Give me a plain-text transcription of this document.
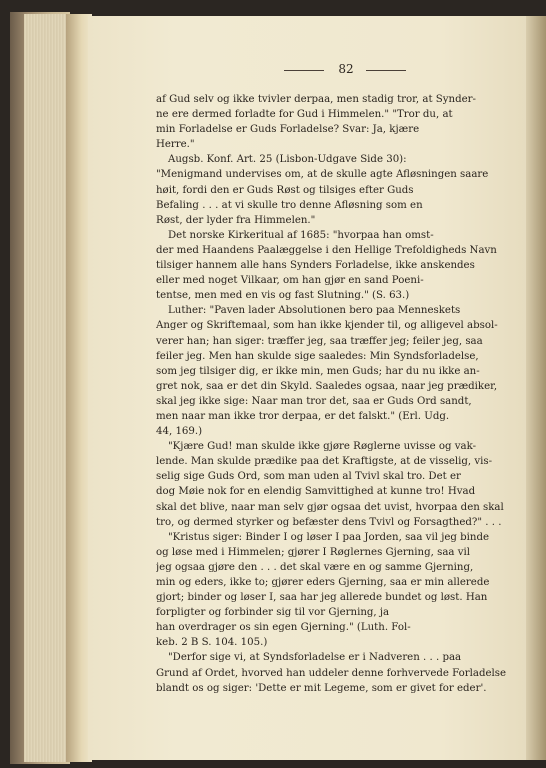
82
af Gud selv og ikke tvivler derpaa, men stadig tror, at Synder-
ne ere dermed forladte for Gud i Himmelen." "Tror du, at
min Forladelse er Guds Forladelse? Svar: Ja, kjære
Herre."
Augsb. Konf. Art. 25 (Lisbon-Udgave Side 30):
"Menigmand undervises om, at de skulle agte Afløsningen saare
høit, fordi den er Guds Røst og tilsiges efter Guds
Befaling . . . at vi skulle tro denne Afløsning som en
Røst, der lyder fra Himmelen."
Det norske Kirkeritual af 1685: "hvorpaa han omst-
der med Haandens Paalæggelse i den Hellige Trefoldigheds Navn
tilsiger hannem alle hans Synders Forladelse, ikke anskendes
eller med noget Vilkaar, om han gjør en sand Poeni-
tentse, men med en vis og fast Slutning." (S. 63.)
Luther: "Paven lader Absolutionen bero paa Menneskets
Anger og Skriftemaal, som han ikke kjender til, og alligevel absol-
verer han; han siger: træffer jeg, saa træffer jeg; feiler jeg, saa
feiler jeg. Men han skulde sige saaledes: Min Syndsforladelse,
som jeg tilsiger dig, er ikke min, men Guds; har du nu ikke an-
gret nok, saa er det din Skyld. Saaledes ogsaa, naar jeg prædiker,
skal jeg ikke sige: Naar man tror det, saa er Guds Ord sandt,
men naar man ikke tror derpaa, er det falskt." (Erl. Udg.
44, 169.)
"Kjære Gud! man skulde ikke gjøre Røglerne uvisse og vak-
lende. Man skulde prædike paa det Kraftigste, at de visselig, vis-
selig sige Guds Ord, som man uden al Tvivl skal tro. Det er
dog Møie nok for en elendig Samvittighed at kunne tro! Hvad
skal det blive, naar man selv gjør ogsaa det uvist, hvorpaa den skal
tro, og dermed styrker og befæster dens Tvivl og Forsagthed?" . . .
"Kristus siger: Binder I og løser I paa Jorden, saa vil jeg binde
og løse med i Himmelen; gjører I Røglernes Gjerning, saa vil
jeg ogsaa gjøre den . . . det skal være en og samme Gjerning,
min og eders, ikke to; gjører eders Gjerning, saa er min allerede
gjort; binder og løser I, saa har jeg allerede bundet og løst. Han
forpligter og forbinder sig til vor Gjerning, ja
han overdrager os sin egen Gjerning." (Luth. Fol-
keb. 2 B S. 104. 105.)
"Derfor sige vi, at Syndsforladelse er i Nadveren . . . paa
Grund af Ordet, hvorved han uddeler denne forhvervede Forladelse
blandt os og siger: 'Dette er mit Legeme, som er givet for eder'.
